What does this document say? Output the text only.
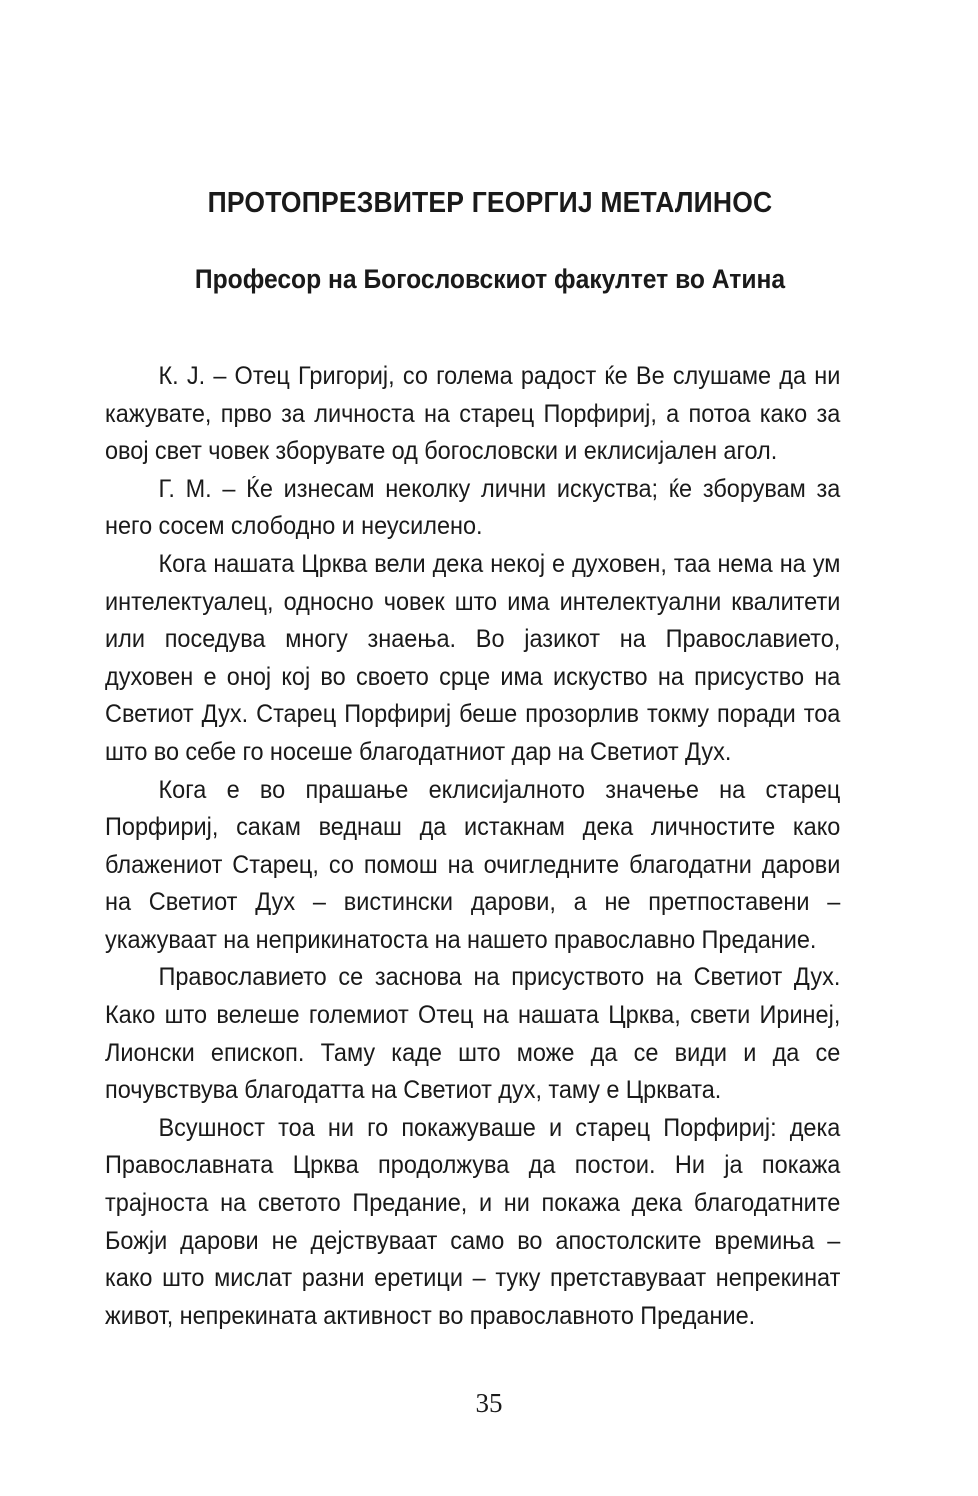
ПРОТОПРЕЗВИТЕР ГЕОРГИЈ МЕТАЛИНОС
Професор на Богословскиот факултет во Атина

К. Ј. – Отец Григориј, со голема радост ќе Ве слушаме да ни кажувате, прво за личноста на старец Порфириј, а потоа како за овој свет човек зборувате од богословски и еклисијален агол.

Г. М. – Ќе изнесам неколку лични искуства; ќе зборувам за него сосем слободно и неусилено.

Кога нашата Црква вели дека некој е духовен, таа нема на ум интелектуалец, односно човек што има интелектуални квалитети или поседува многу знаења. Во јазикот на Православието, духовен е оној кој во своето срце има искуство на присуство на Светиот Дух. Старец Порфириј беше прозорлив токму поради тоа што во себе го носеше благодатниот дар на Светиот Дух.

Кога е во прашање еклисијалното значење на старец Порфириј, сакам веднаш да истакнам дека личностите како блажениот Старец, со помош на очигледните благодатни дарови на Светиот Дух – вистински дарови, а не претпоставени – укажуваат на неприкинатоста на нашето православно Предание.

Православието се заснова на присуството на Светиот Дух. Како што велеше големиот Отец на нашата Црква, свети Иринеј, Лионски епископ. Таму каде што може да се види и да се почувствува благодатта на Светиот дух, таму е Црквата.

Всушност тоа ни го покажуваше и старец Порфириј: дека Православната Црква продолжува да постои. Ни ја покажа трајноста на светото Предание, и ни покажа дека благодатните Божји дарови не дејствуваат само во апостолските времиња – како што мислат разни еретици – туку претставуваат непрекинат живот, непрекината активност во православното Предание.

35
